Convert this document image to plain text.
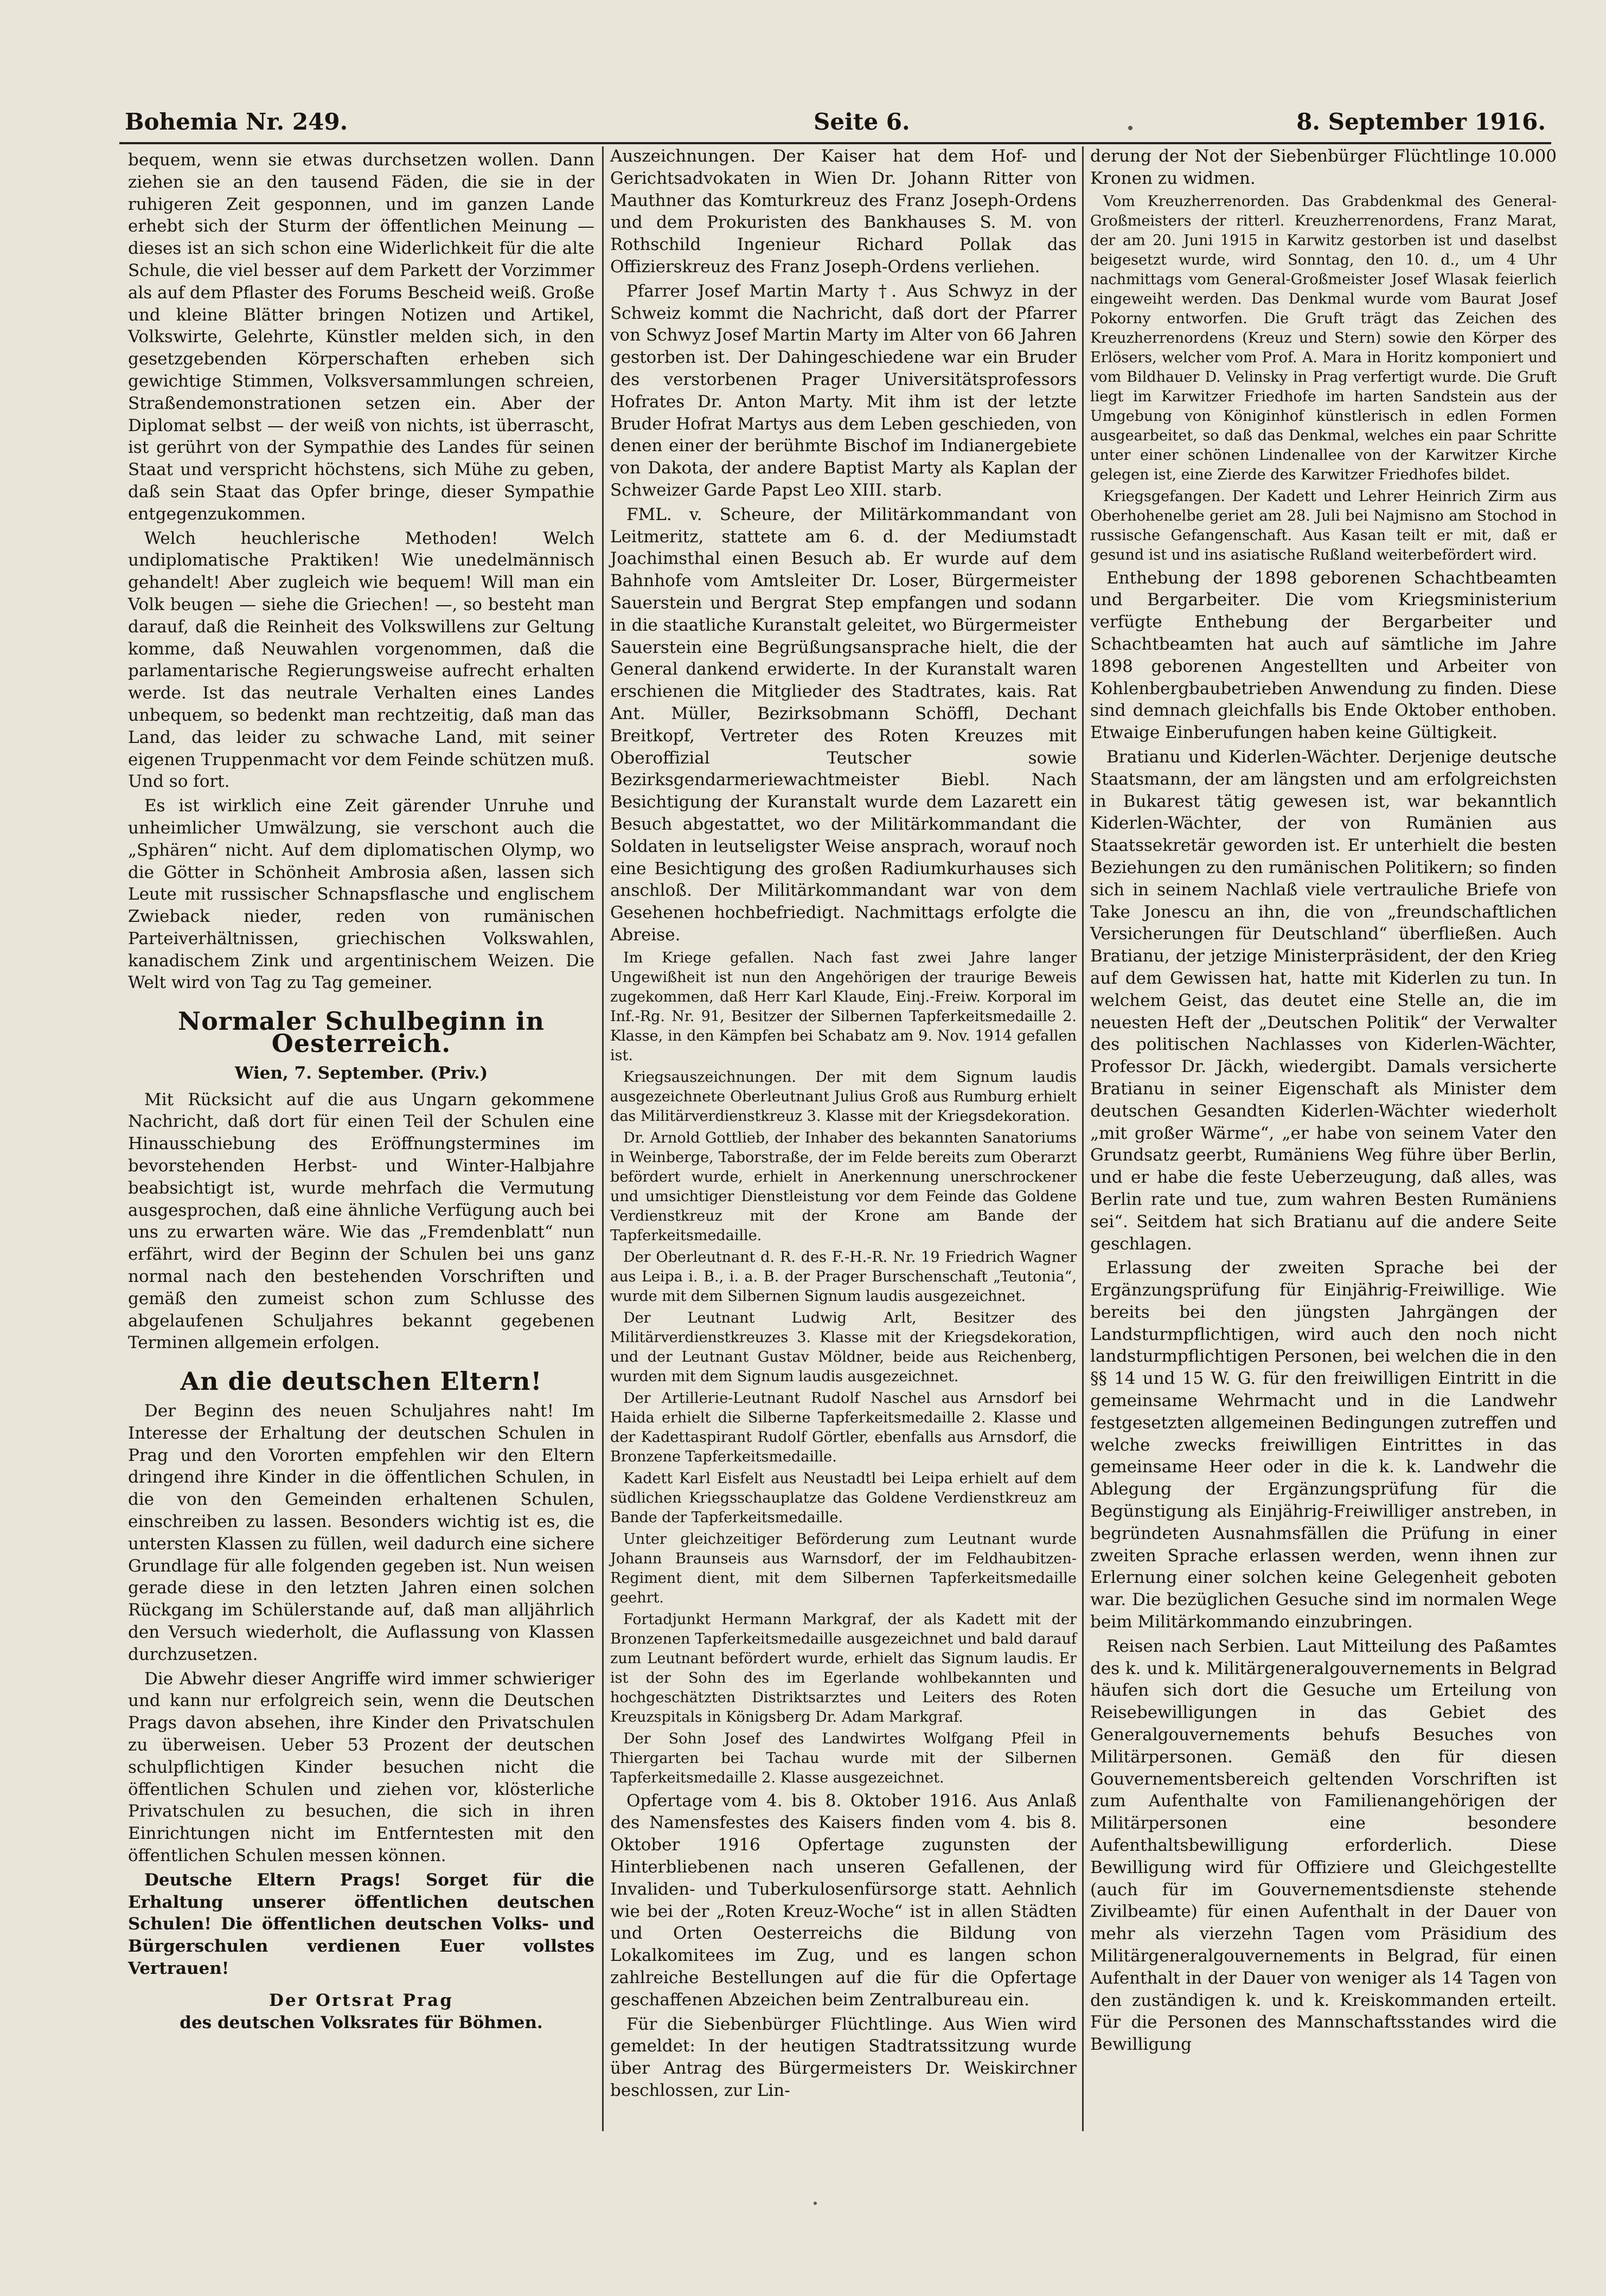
Bohemia Nr. 249.	Seite 6.	8. September 1916.

bequem, wenn sie etwas durchsetzen wollen. Dann ziehen sie an den tausend Fäden, die sie in der ruhigeren Zeit gesponnen, und im ganzen Lande erhebt sich der Sturm der öffentlichen Meinung — dieses ist an sich schon eine Widerlichkeit für die alte Schule, die viel besser auf dem Parkett der Vorzimmer als auf dem Pflaster des Forums Bescheid weiß. Große und kleine Blätter bringen Notizen und Artikel, Volkswirte, Gelehrte, Künstler melden sich, in den gesetzgebenden Körperschaften erheben sich gewichtige Stimmen, Volksversammlungen schreien, Straßendemonstrationen setzen ein. Aber der Diplomat selbst — der weiß von nichts, ist überrascht, ist gerührt von der Sympathie des Landes für seinen Staat und verspricht höchstens, sich Mühe zu geben, daß sein Staat das Opfer bringe, dieser Sympathie entgegenzukommen.

Welch heuchlerische Methoden! Welch undiplomatische Praktiken! Wie unedelmännisch gehandelt! Aber zugleich wie bequem! Will man ein Volk beugen — siehe die Griechen! —, so besteht man darauf, daß die Reinheit des Volkswillens zur Geltung komme, daß Neuwahlen vorgenommen, daß die parlamentarische Regierungsweise aufrecht erhalten werde. Ist das neutrale Verhalten eines Landes unbequem, so bedenkt man rechtzeitig, daß man das Land, das leider zu schwache Land, mit seiner eigenen Truppenmacht vor dem Feinde schützen muß. Und so fort.

Es ist wirklich eine Zeit gärender Unruhe und unheimlicher Umwälzung, sie verschont auch die „Sphären“ nicht. Auf dem diplomatischen Olymp, wo die Götter in Schönheit Ambrosia aßen, lassen sich Leute mit russischer Schnapsflasche und englischem Zwieback nieder, reden von rumänischen Parteiverhältnissen, griechischen Volkswahlen, kanadischem Zink und argentinischem Weizen. Die Welt wird von Tag zu Tag gemeiner.

Normaler Schulbeginn in Oesterreich.
Wien, 7. September. (Priv.)

Mit Rücksicht auf die aus Ungarn gekommene Nachricht, daß dort für einen Teil der Schulen eine Hinausschiebung des Eröffnungstermines im bevorstehenden Herbst- und Winter-Halbjahre beabsichtigt ist, wurde mehrfach die Vermutung ausgesprochen, daß eine ähnliche Verfügung auch bei uns zu erwarten wäre. Wie das „Fremdenblatt“ nun erfährt, wird der Beginn der Schulen bei uns ganz normal nach den bestehenden Vorschriften und gemäß den zumeist schon zum Schlusse des abgelaufenen Schuljahres bekannt gegebenen Terminen allgemein erfolgen.

An die deutschen Eltern!

Der Beginn des neuen Schuljahres naht! Im Interesse der Erhaltung der deutschen Schulen in Prag und den Vororten empfehlen wir den Eltern dringend ihre Kinder in die öffentlichen Schulen, in die von den Gemeinden erhaltenen Schulen, einschreiben zu lassen. Besonders wichtig ist es, die untersten Klassen zu füllen, weil dadurch eine sichere Grundlage für alle folgenden gegeben ist. Nun weisen gerade diese in den letzten Jahren einen solchen Rückgang im Schülerstande auf, daß man alljährlich den Versuch wiederholt, die Auflassung von Klassen durchzusetzen.

Die Abwehr dieser Angriffe wird immer schwieriger und kann nur erfolgreich sein, wenn die Deutschen Prags davon absehen, ihre Kinder den Privatschulen zu überweisen. Ueber 53 Prozent der deutschen schulpflichtigen Kinder besuchen nicht die öffentlichen Schulen und ziehen vor, klösterliche Privatschulen zu besuchen, die sich in ihren Einrichtungen nicht im Entferntesten mit den öffentlichen Schulen messen können.

Deutsche Eltern Prags! Sorget für die Erhaltung unserer öffentlichen deutschen Schulen! Die öffentlichen deutschen Volks- und Bürgerschulen verdienen Euer vollstes Vertrauen!

Der Ortsrat Prag
des deutschen Volksrates für Böhmen.

Auszeichnungen. Der Kaiser hat dem Hof- und Gerichtsadvokaten in Wien Dr. Johann Ritter von Mauthner das Komturkreuz des Franz Joseph-Ordens und dem Prokuristen des Bankhauses S. M. von Rothschild Ingenieur Richard Pollak das Offizierskreuz des Franz Joseph-Ordens verliehen.

Pfarrer Josef Martin Marty †. Aus Schwyz in der Schweiz kommt die Nachricht, daß dort der Pfarrer von Schwyz Josef Martin Marty im Alter von 66 Jahren gestorben ist. Der Dahingeschiedene war ein Bruder des verstorbenen Prager Universitätsprofessors Hofrates Dr. Anton Marty. Mit ihm ist der letzte Bruder Hofrat Martys aus dem Leben geschieden, von denen einer der berühmte Bischof im Indianergebiete von Dakota, der andere Baptist Marty als Kaplan der Schweizer Garde Papst Leo XIII. starb.

FML. v. Scheure, der Militärkommandant von Leitmeritz, stattete am 6. d. der Mediumstadt Joachimsthal einen Besuch ab. Er wurde auf dem Bahnhofe vom Amtsleiter Dr. Loser, Bürgermeister Sauerstein und Bergrat Step empfangen und sodann in die staatliche Kuranstalt geleitet, wo Bürgermeister Sauerstein eine Begrüßungsansprache hielt, die der General dankend erwiderte. In der Kuranstalt waren erschienen die Mitglieder des Stadtrates, kais. Rat Ant. Müller, Bezirksobmann Schöffl, Dechant Breitkopf, Vertreter des Roten Kreuzes mit Oberoffizial Teutscher sowie Bezirksgendarmeriewachtmeister Biebl. Nach Besichtigung der Kuranstalt wurde dem Lazarett ein Besuch abgestattet, wo der Militärkommandant die Soldaten in leutseligster Weise ansprach, worauf noch eine Besichtigung des großen Radiumkurhauses sich anschloß. Der Militärkommandant war von dem Gesehenen hochbefriedigt. Nachmittags erfolgte die Abreise.

Im Kriege gefallen. Nach fast zwei Jahre langer Ungewißheit ist nun den Angehörigen der traurige Beweis zugekommen, daß Herr Karl Klaude, Einj.-Freiw. Korporal im Inf.-Rg. Nr. 91, Besitzer der Silbernen Tapferkeitsmedaille 2. Klasse, in den Kämpfen bei Schabatz am 9. Nov. 1914 gefallen ist.

Kriegsauszeichnungen. Der mit dem Signum laudis ausgezeichnete Oberleutnant Julius Groß aus Rumburg erhielt das Militärverdienstkreuz 3. Klasse mit der Kriegsdekoration.

Dr. Arnold Gottlieb, der Inhaber des bekannten Sanatoriums in Weinberge, Taborstraße, der im Felde bereits zum Oberarzt befördert wurde, erhielt in Anerkennung unerschrockener und umsichtiger Dienstleistung vor dem Feinde das Goldene Verdienstkreuz mit der Krone am Bande der Tapferkeitsmedaille.

Der Oberleutnant d. R. des F.-H.-R. Nr. 19 Friedrich Wagner aus Leipa i. B., i. a. B. der Prager Burschenschaft „Teutonia“, wurde mit dem Silbernen Signum laudis ausgezeichnet.

Der Leutnant Ludwig Arlt, Besitzer des Militärverdienstkreuzes 3. Klasse mit der Kriegsdekoration, und der Leutnant Gustav Möldner, beide aus Reichenberg, wurden mit dem Signum laudis ausgezeichnet.

Der Artillerie-Leutnant Rudolf Naschel aus Arnsdorf bei Haida erhielt die Silberne Tapferkeitsmedaille 2. Klasse und der Kadettaspirant Rudolf Görtler, ebenfalls aus Arnsdorf, die Bronzene Tapferkeitsmedaille.

Kadett Karl Eisfelt aus Neustadtl bei Leipa erhielt auf dem südlichen Kriegsschauplatze das Goldene Verdienstkreuz am Bande der Tapferkeitsmedaille.

Unter gleichzeitiger Beförderung zum Leutnant wurde Johann Braunseis aus Warnsdorf, der im Feldhaubitzen-Regiment dient, mit dem Silbernen Tapferkeitsmedaille geehrt.

Fortadjunkt Hermann Markgraf, der als Kadett mit der Bronzenen Tapferkeitsmedaille ausgezeichnet und bald darauf zum Leutnant befördert wurde, erhielt das Signum laudis. Er ist der Sohn des im Egerlande wohlbekannten und hochgeschätzten Distriktsarztes und Leiters des Roten Kreuzspitals in Königsberg Dr. Adam Markgraf.

Der Sohn Josef des Landwirtes Wolfgang Pfeil in Thiergarten bei Tachau wurde mit der Silbernen Tapferkeitsmedaille 2. Klasse ausgezeichnet.

Opfertage vom 4. bis 8. Oktober 1916. Aus Anlaß des Namensfestes des Kaisers finden vom 4. bis 8. Oktober 1916 Opfertage zugunsten der Hinterbliebenen nach unseren Gefallenen, der Invaliden- und Tuberkulosenfürsorge statt. Aehnlich wie bei der „Roten Kreuz-Woche“ ist in allen Städten und Orten Oesterreichs die Bildung von Lokalkomitees im Zug, und es langen schon zahlreiche Bestellungen auf die für die Opfertage geschaffenen Abzeichen beim Zentralbureau ein.

Für die Siebenbürger Flüchtlinge. Aus Wien wird gemeldet: In der heutigen Stadtratssitzung wurde über Antrag des Bürgermeisters Dr. Weiskirchner beschlossen, zur Lin-

derung der Not der Siebenbürger Flüchtlinge 10.000 Kronen zu widmen.

Vom Kreuzherrenorden. Das Grabdenkmal des General-Großmeisters der ritterl. Kreuzherrenordens, Franz Marat, der am 20. Juni 1915 in Karwitz gestorben ist und daselbst beigesetzt wurde, wird Sonntag, den 10. d., um 4 Uhr nachmittags vom General-Großmeister Josef Wlasak feierlich eingeweiht werden. Das Denkmal wurde vom Baurat Josef Pokorny entworfen. Die Gruft trägt das Zeichen des Kreuzherrenordens (Kreuz und Stern) sowie den Körper des Erlösers, welcher vom Prof. A. Mara in Horitz komponiert und vom Bildhauer D. Velinsky in Prag verfertigt wurde. Die Gruft liegt im Karwitzer Friedhofe im harten Sandstein aus der Umgebung von Königinhof künstlerisch in edlen Formen ausgearbeitet, so daß das Denkmal, welches ein paar Schritte unter einer schönen Lindenallee von der Karwitzer Kirche gelegen ist, eine Zierde des Karwitzer Friedhofes bildet.

Kriegsgefangen. Der Kadett und Lehrer Heinrich Zirm aus Oberhohenelbe geriet am 28. Juli bei Najmisno am Stochod in russische Gefangenschaft. Aus Kasan teilt er mit, daß er gesund ist und ins asiatische Rußland weiterbefördert wird.

Enthebung der 1898 geborenen Schachtbeamten und Bergarbeiter. Die vom Kriegsministerium verfügte Enthebung der Bergarbeiter und Schachtbeamten hat auch auf sämtliche im Jahre 1898 geborenen Angestellten und Arbeiter von Kohlenbergbaubetrieben Anwendung zu finden. Diese sind demnach gleichfalls bis Ende Oktober enthoben. Etwaige Einberufungen haben keine Gültigkeit.

Bratianu und Kiderlen-Wächter. Derjenige deutsche Staatsmann, der am längsten und am erfolgreichsten in Bukarest tätig gewesen ist, war bekanntlich Kiderlen-Wächter, der von Rumänien aus Staatssekretär geworden ist. Er unterhielt die besten Beziehungen zu den rumänischen Politikern; so finden sich in seinem Nachlaß viele vertrauliche Briefe von Take Jonescu an ihn, die von „freundschaftlichen Versicherungen für Deutschland“ überfließen. Auch Bratianu, der jetzige Ministerpräsident, der den Krieg auf dem Gewissen hat, hatte mit Kiderlen zu tun. In welchem Geist, das deutet eine Stelle an, die im neuesten Heft der „Deutschen Politik“ der Verwalter des politischen Nachlasses von Kiderlen-Wächter, Professor Dr. Jäckh, wiedergibt. Damals versicherte Bratianu in seiner Eigenschaft als Minister dem deutschen Gesandten Kiderlen-Wächter wiederholt „mit großer Wärme“, „er habe von seinem Vater den Grundsatz geerbt, Rumäniens Weg führe über Berlin, und er habe die feste Ueberzeugung, daß alles, was Berlin rate und tue, zum wahren Besten Rumäniens sei“. Seitdem hat sich Bratianu auf die andere Seite geschlagen.

Erlassung der zweiten Sprache bei der Ergänzungsprüfung für Einjährig-Freiwillige. Wie bereits bei den jüngsten Jahrgängen der Landsturmpflichtigen, wird auch den noch nicht landsturmpflichtigen Personen, bei welchen die in den §§ 14 und 15 W. G. für den freiwilligen Eintritt in die gemeinsame Wehrmacht und in die Landwehr festgesetzten allgemeinen Bedingungen zutreffen und welche zwecks freiwilligen Eintrittes in das gemeinsame Heer oder in die k. k. Landwehr die Ablegung der Ergänzungsprüfung für die Begünstigung als Einjährig-Freiwilliger anstreben, in begründeten Ausnahmsfällen die Prüfung in einer zweiten Sprache erlassen werden, wenn ihnen zur Erlernung einer solchen keine Gelegenheit geboten war. Die bezüglichen Gesuche sind im normalen Wege beim Militärkommando einzubringen.

Reisen nach Serbien. Laut Mitteilung des Paßamtes des k. und k. Militärgeneralgouvernements in Belgrad häufen sich dort die Gesuche um Erteilung von Reisebewilligungen in das Gebiet des Generalgouvernements behufs Besuches von Militärpersonen. Gemäß den für diesen Gouvernementsbereich geltenden Vorschriften ist zum Aufenthalte von Familienangehörigen der Militärpersonen eine besondere Aufenthaltsbewilligung erforderlich. Diese Bewilligung wird für Offiziere und Gleichgestellte (auch für im Gouvernementsdienste stehende Zivilbeamte) für einen Aufenthalt in der Dauer von mehr als vierzehn Tagen vom Präsidium des Militärgeneralgouvernements in Belgrad, für einen Aufenthalt in der Dauer von weniger als 14 Tagen von den zuständigen k. und k. Kreiskommanden erteilt. Für die Personen des Mannschaftsstandes wird die Bewilligung
